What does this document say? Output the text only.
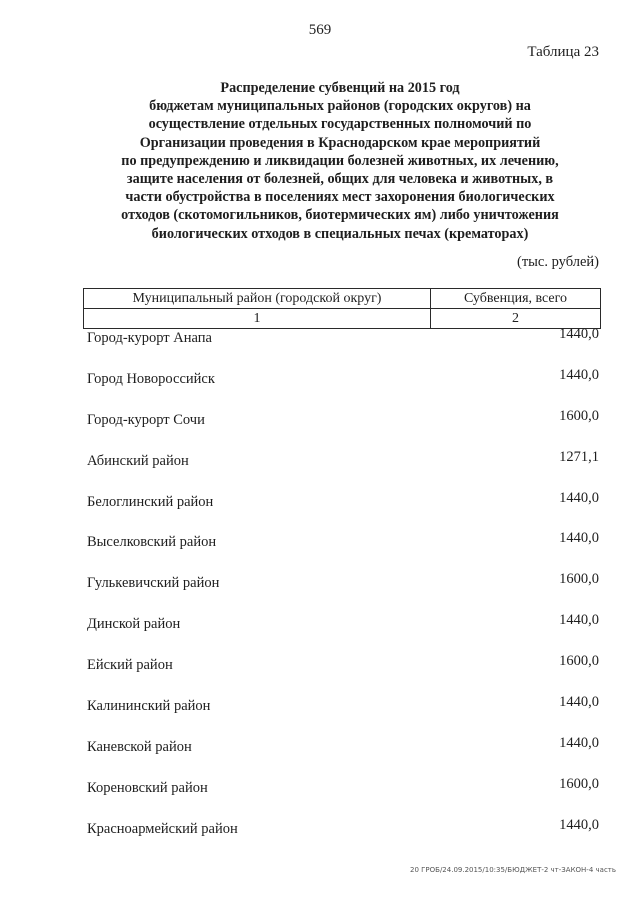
569
Таблица 23
Распределение субвенций на 2015 год
бюджетам муниципальных районов (городских округов) на
осуществление отдельных государственных полномочий по
Организации проведения в Краснодарском крае мероприятий
по предупреждению и ликвидации болезней животных, их лечению,
защите населения от болезней, общих для человека и животных, в
части обустройства в поселениях мест захоронения биологических
отходов (скотомогильников, биотермических ям) либо уничтожения
биологических отходов в специальных печах (крематорах)
(тыс. рублей)
Муниципальный район (городской округ)	Субвенция, всего
1	2
Город-курорт Анапа	1440,0
Город Новороссийск	1440,0
Город-курорт Сочи	1600,0
Абинский район	1271,1
Белоглинский район	1440,0
Выселковский район	1440,0
Гулькевичский район	1600,0
Динской район	1440,0
Ейский район	1600,0
Калининский район	1440,0
Каневской район	1440,0
Кореновский район	1600,0
Красноармейский район	1440,0
20 ГРОБ/24.09.2015/10:35/БЮДЖЕТ-2 чт-ЗАКОН-4 часть
